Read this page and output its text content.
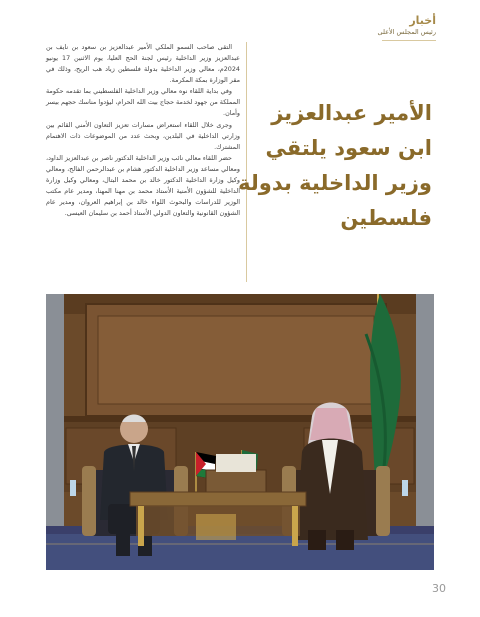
أخبار
رئيس المجلس الأعلى
الأمير عبدالعزيز
ابن سعود يلتقي
وزير الداخلية بدولة
فلسطين

التقى صاحب السمو الملكي الأمير عبدالعزيز بن سعود بن نايف بن عبدالعزيز وزير الداخلية رئيس لجنة الحج العليا، يوم الاثنين 17 يونيو 2024م، معالي وزير الداخلية بدولة فلسطين زياد هب الريح، وذلك في مقر الوزارة بمكة المكرمة.

وفي بداية اللقاء نوه معالي وزير الداخلية الفلسطيني بما تقدمه حكومة المملكة من جهود لخدمة حجاج بيت الله الحرام، ليؤدوا مناسك حجهم بيسر وأمان.

وجرى خلال اللقاء استعراض مسارات تعزيز التعاون الأمني القائم بين وزارتي الداخلية في البلدين، وبحث عدد من الموضوعات ذات الاهتمام المشترك.

حضر اللقاء معالي نائب وزير الداخلية الدكتور ناصر بن عبدالعزيز الداود، ومعالي مساعد وزير الداخلية الدكتور هشام بن عبدالرحمن الفالح، ومعالي وكيل وزارة الداخلية الدكتور خالد بن محمد البتال، ومعالي وكيل وزارة الداخلية للشؤون الأمنية الأستاذ محمد بن مهنا المهنا، ومدير عام مكتب الوزير للدراسات والبحوث اللواء خالد بن إبراهيم العروان، ومدير عام الشؤون القانونية والتعاون الدولي الأستاذ أحمد بن سليمان العيسى.

30
